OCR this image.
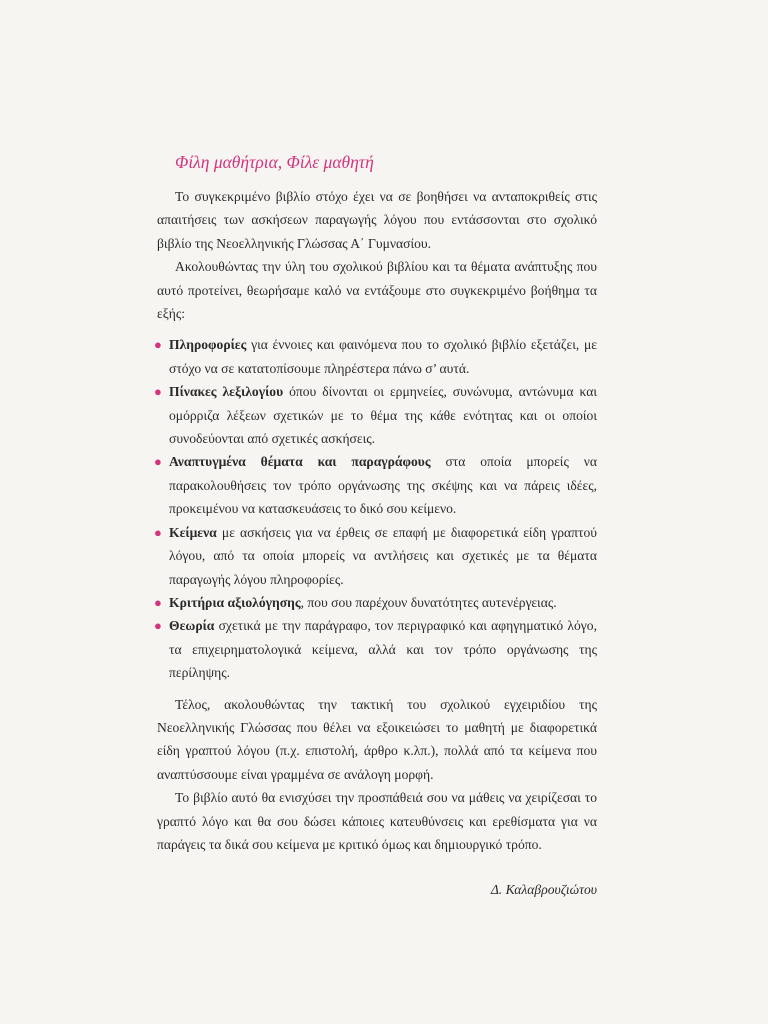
Φίλη μαθήτρια, Φίλε μαθητή

Το συγκεκριμένο βιβλίο στόχο έχει να σε βοηθήσει να ανταποκριθείς στις απαιτήσεις των ασκήσεων παραγωγής λόγου που εντάσσονται στο σχολικό βιβλίο της Νεοελληνικής Γλώσσας Α΄ Γυμνασίου.

Ακολουθώντας την ύλη του σχολικού βιβλίου και τα θέματα ανάπτυξης που αυτό προτείνει, θεωρήσαμε καλό να εντάξουμε στο συγκεκριμένο βοήθημα τα εξής:

● Πληροφορίες για έννοιες και φαινόμενα που το σχολικό βιβλίο εξετάζει, με στόχο να σε κατατοπίσουμε πληρέστερα πάνω σ’ αυτά.
● Πίνακες λεξιλογίου όπου δίνονται οι ερμηνείες, συνώνυμα, αντώνυμα και ομόρριζα λέξεων σχετικών με το θέμα της κάθε ενότητας και οι οποίοι συνοδεύονται από σχετικές ασκήσεις.
● Αναπτυγμένα θέματα και παραγράφους στα οποία μπορείς να παρακολουθήσεις τον τρόπο οργάνωσης της σκέψης και να πάρεις ιδέες, προκειμένου να κατασκευάσεις το δικό σου κείμενο.
● Κείμενα με ασκήσεις για να έρθεις σε επαφή με διαφορετικά είδη γραπτού λόγου, από τα οποία μπορείς να αντλήσεις και σχετικές με τα θέματα παραγωγής λόγου πληροφορίες.
● Κριτήρια αξιολόγησης, που σου παρέχουν δυνατότητες αυτενέργειας.
● Θεωρία σχετικά με την παράγραφο, τον περιγραφικό και αφηγηματικό λόγο, τα επιχειρηματολογικά κείμενα, αλλά και τον τρόπο οργάνωσης της περίληψης.

Τέλος, ακολουθώντας την τακτική του σχολικού εγχειριδίου της Νεοελληνικής Γλώσσας που θέλει να εξοικειώσει το μαθητή με διαφορετικά είδη γραπτού λόγου (π.χ. επιστολή, άρθρο κ.λπ.), πολλά από τα κείμενα που αναπτύσσουμε είναι γραμμένα σε ανάλογη μορφή.

Το βιβλίο αυτό θα ενισχύσει την προσπάθειά σου να μάθεις να χειρίζεσαι το γραπτό λόγο και θα σου δώσει κάποιες κατευθύνσεις και ερεθίσματα για να παράγεις τα δικά σου κείμενα με κριτικό όμως και δημιουργικό τρόπο.

Δ. Καλαβρουζιώτου
